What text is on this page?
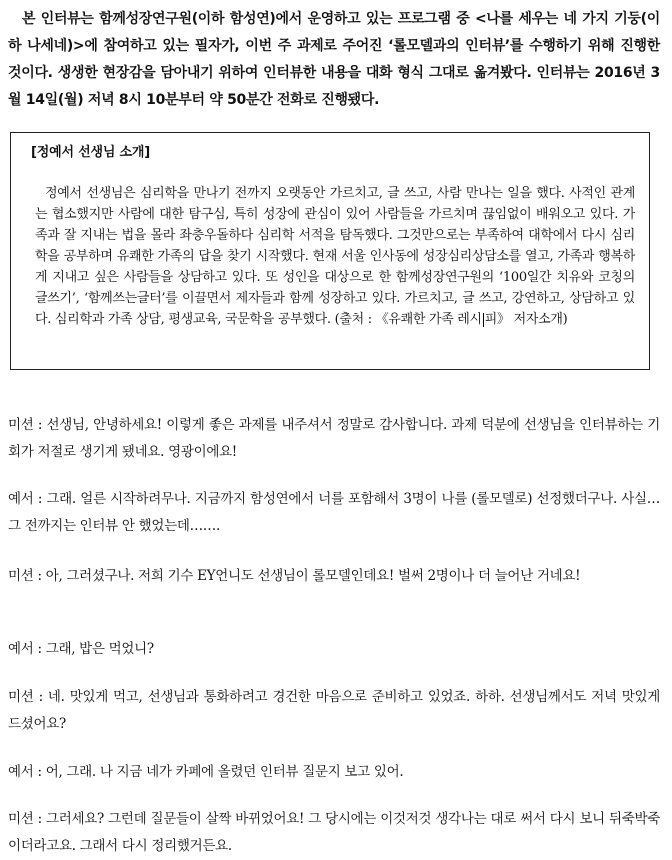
본 인터뷰는 함께성장연구원(이하 함성연)에서 운영하고 있는 프로그램 중 <나를 세우는 네 가지 기둥(이하 나세네)>에 참여하고 있는 필자가, 이번 주 과제로 주어진 ‘롤모델과의 인터뷰’를 수행하기 위해 진행한 것이다. 생생한 현장감을 담아내기 위하여 인터뷰한 내용을 대화 형식 그대로 옮겨봤다. 인터뷰는 2016년 3월 14일(월) 저녁 8시 10분부터 약 50분간 전화로 진행됐다.
[정예서 선생님 소개]
정예서 선생님은 심리학을 만나기 전까지 오랫동안 가르치고, 글 쓰고, 사람 만나는 일을 했다. 사적인 관계는 협소했지만 사람에 대한 탐구심, 특히 성장에 관심이 있어 사람들을 가르치며 끊임없이 배워오고 있다. 가족과 잘 지내는 법을 몰라 좌충우돌하다 심리학 서적을 탐독했다. 그것만으로는 부족하여 대학에서 다시 심리학을 공부하며 유쾌한 가족의 답을 찾기 시작했다. 현재 서울 인사동에 성장심리상담소를 열고, 가족과 행복하게 지내고 싶은 사람들을 상담하고 있다. 또 성인을 대상으로 한 함께성장연구원의 ‘100일간 치유와 코칭의 글쓰기’, ‘함께쓰는글터’를 이끌면서 제자들과 함께 성장하고 있다. 가르치고, 글 쓰고, 강연하고, 상담하고 있다. 심리학과 가족 상담, 평생교육, 국문학을 공부했다. (출처 : 《유쾌한 가족 레시 피》 저자소개)
미션 : 선생님, 안녕하세요! 이렇게 좋은 과제를 내주셔서 정말로 감사합니다. 과제 덕분에 선생님을 인터뷰하는 기회가 저절로 생기게 됐네요. 영광이에요!
예서 : 그래. 얼른 시작하려무나. 지금까지 함성연에서 너를 포함해서 3명이 나를 (롤모델로) 선정했더구나. 사실… 그 전까지는 인터뷰 안 했었는데…….
미션 : 아, 그러셨구나. 저희 기수 EY언니도 선생님이 롤모델인데요! 벌써 2명이나 더 늘어난 거네요!
예서 : 그래, 밥은 먹었니?
미션 : 네. 맛있게 먹고, 선생님과 통화하려고 경건한 마음으로 준비하고 있었죠. 하하. 선생님께서도 저녁 맛있게 드셨어요?
예서 : 어, 그래. 나 지금 네가 카페에 올렸던 인터뷰 질문지 보고 있어.
미션 : 그러세요? 그런데 질문들이 살짝 바뀌었어요! 그 당시에는 이것저것 생각나는 대로 써서 다시 보니 뒤죽박죽이더라고요. 그래서 다시 정리했거든요.
